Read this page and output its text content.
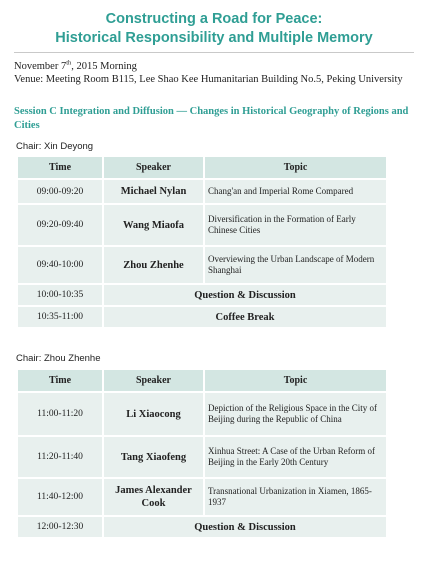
Constructing a Road for Peace:
Historical Responsibility and Multiple Memory
November 7th, 2015 Morning
Venue: Meeting Room B115, Lee Shao Kee Humanitarian Building No.5, Peking University
Session C Integration and Diffusion — Changes in Historical Geography of Regions and Cities
Chair: Xin Deyong
Time	Speaker	Topic
09:00-09:20	Michael Nylan	Chang'an and Imperial Rome Compared
09:20-09:40	Wang Miaofa	Diversification in the Formation of Early Chinese Cities
09:40-10:00	Zhou Zhenhe	Overviewing the Urban Landscape of Modern Shanghai
10:00-10:35	Question & Discussion	
10:35-11:00	Coffee Break	
Chair: Zhou Zhenhe
Time	Speaker	Topic
11:00-11:20	Li Xiaocong	Depiction of the Religious Space in the City of Beijing during the Republic of China
11:20-11:40	Tang Xiaofeng	Xinhua Street: A Case of the Urban Reform of Beijing in the Early 20th Century
11:40-12:00	James Alexander Cook	Transnational Urbanization in Xiamen, 1865-1937
12:00-12:30	Question & Discussion	
